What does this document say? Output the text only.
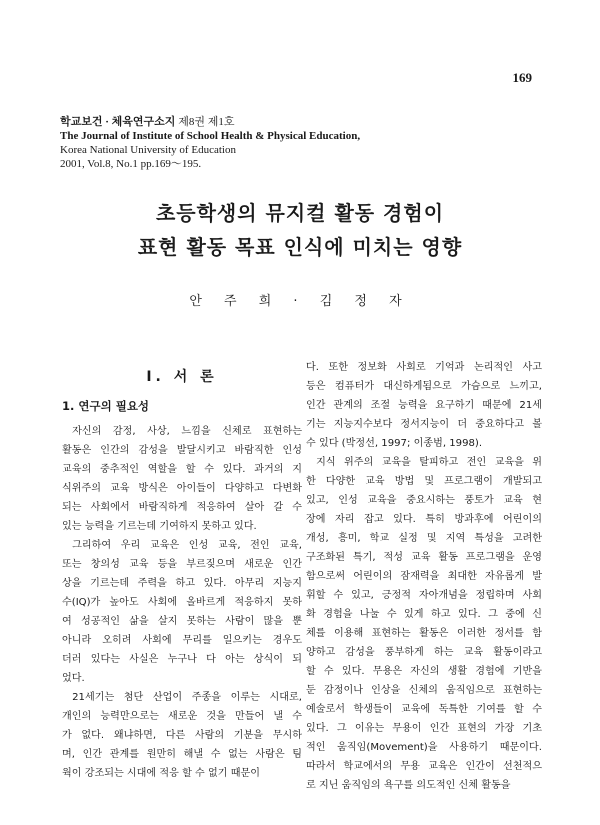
169
학교보건 · 체육연구소지 제8권 제1호
The Journal of Institute of School Health & Physical Education,
Korea National University of Education
2001, Vol.8, No.1 pp.169～195.
초등학생의 뮤지컬 활동 경험이
표현 활동 목표 인식에 미치는 영향
안 주 희 · 김 정 자
Ⅰ. 서 론
1. 연구의 필요성
자신의 감정, 사상, 느낌을 신체로 표현하는
활동은 인간의 감성을 발달시키고 바람직한 인성
교육의 중추적인 역할을 할 수 있다. 과거의 지
식위주의 교육 방식은 아이들이 다양하고 다변화
되는 사회에서 바람직하게 적응하여 살아 갈 수
있는 능력을 기르는데 기여하지 못하고 있다.
그리하여 우리 교육은 인성 교육, 전인 교육,
또는 창의성 교육 등을 부르짖으며 새로운 인간
상을 기르는데 주력을 하고 있다. 아무리 지능지
수(IQ)가 높아도 사회에 올바르게 적응하지 못하
여 성공적인 삶을 살지 못하는 사람이 많을 뿐
아니라 오히려 사회에 무리를 일으키는 경우도
더러 있다는 사실은 누구나 다 아는 상식이 되
었다.
21세기는 첨단 산업이 주종을 이루는 시대로,
개인의 능력만으로는 새로운 것을 만들어 낼 수
가 없다. 왜냐하면, 다른 사람의 기분을 무시하
며, 인간 관계를 원만히 해낼 수 없는 사람은 팀
웍이 강조되는 시대에 적응 할 수 없기 때문이
다. 또한 정보화 사회로 기억과 논리적인 사고
등은 컴퓨터가 대신하게됨으로 가슴으로 느끼고,
인간 관계의 조절 능력을 요구하기 때문에 21세
기는 지능지수보다 정서지능이 더 중요하다고 볼
수 있다 (박정선, 1997; 이종범, 1998).
지식 위주의 교육을 탈피하고 전인 교육을 위
한 다양한 교육 방법 및 프로그램이 개발되고
있고, 인성 교육을 중요시하는 풍토가 교육 현
장에 자리 잡고 있다. 특히 방과후에 어린이의
개성, 흥미, 학교 실정 및 지역 특성을 고려한
구조화된 특기, 적성 교육 활동 프로그램을 운영
함으로써 어린이의 잠재력을 최대한 자유롭게 발
휘할 수 있고, 긍정적 자아개념을 정립하며 사회
화 경험을 나눌 수 있게 하고 있다. 그 중에 신
체를 이용해 표현하는 활동은 이러한 정서를 함
양하고 감성을 풍부하게 하는 교육 활동이라고
할 수 있다. 무용은 자신의 생활 경험에 기반을
둔 감정이나 인상을 신체의 움직임으로 표현하는
예술로서 학생들이 교육에 독특한 기여를 할 수
있다. 그 이유는 무용이 인간 표현의 가장 기초
적인 움직임(Movement)을 사용하기 때문이다.
따라서 학교에서의 무용 교육은 인간이 선천적으
로 지닌 움직임의 욕구를 의도적인 신체 활동을
